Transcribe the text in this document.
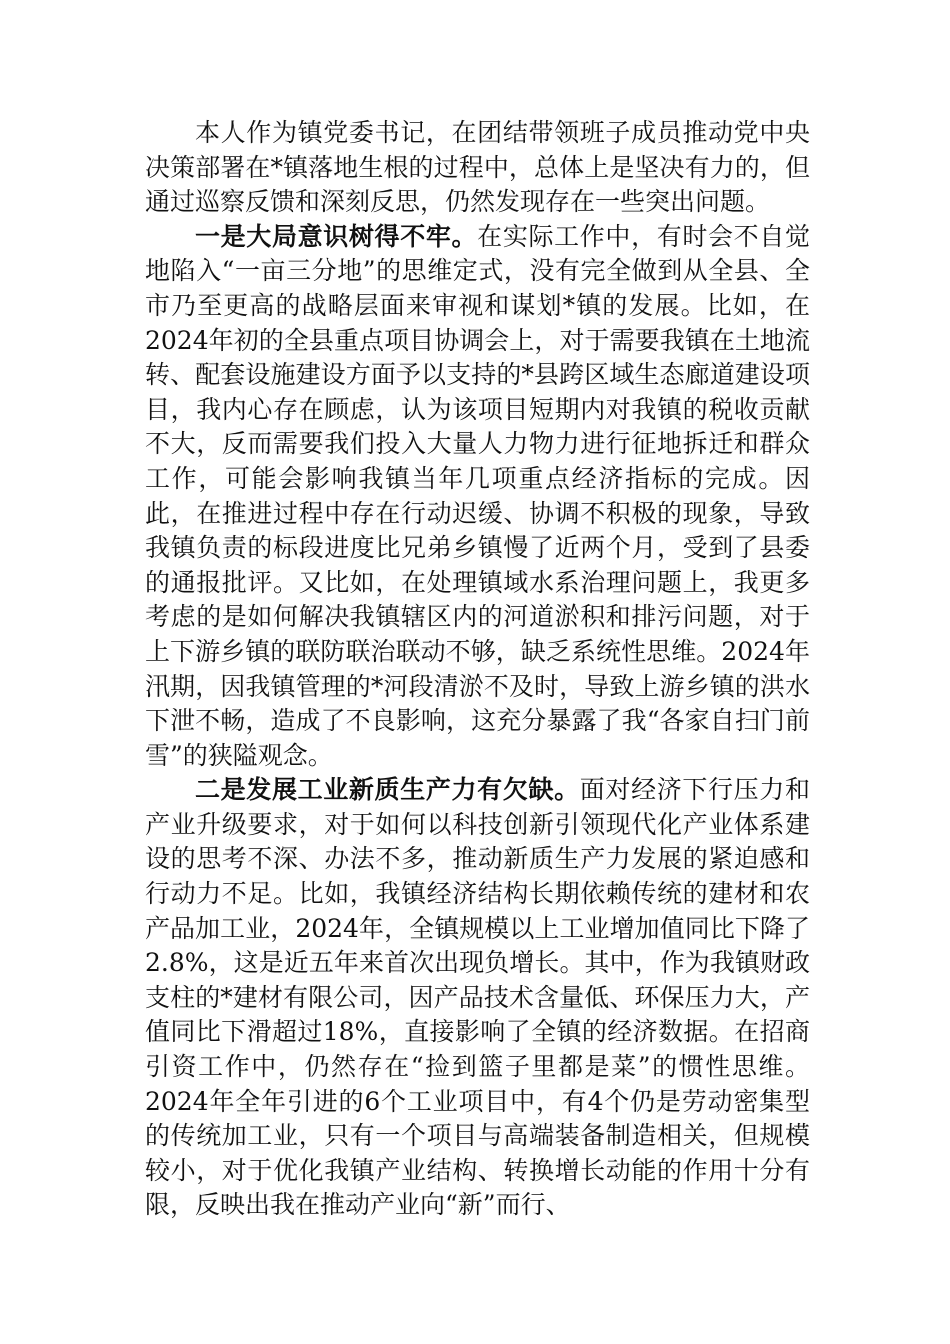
本人作为镇党委书记，在团结带领班子成员推动党中央决策部署在*镇落地生根的过程中，总体上是坚决有力的，但通过巡察反馈和深刻反思，仍然发现存在一些突出问题。

一是大局意识树得不牢。在实际工作中，有时会不自觉地陷入“一亩三分地”的思维定式，没有完全做到从全县、全市乃至更高的战略层面来审视和谋划*镇的发展。比如，在2024年初的全县重点项目协调会上，对于需要我镇在土地流转、配套设施建设方面予以支持的*县跨区域生态廊道建设项目，我内心存在顾虑，认为该项目短期内对我镇的税收贡献不大，反而需要我们投入大量人力物力进行征地拆迁和群众工作，可能会影响我镇当年几项重点经济指标的完成。因此，在推进过程中存在行动迟缓、协调不积极的现象，导致我镇负责的标段进度比兄弟乡镇慢了近两个月，受到了县委的通报批评。又比如，在处理镇域水系治理问题上，我更多考虑的是如何解决我镇辖区内的河道淤积和排污问题，对于上下游乡镇的联防联治联动不够，缺乏系统性思维。2024年汛期，因我镇管理的*河段清淤不及时，导致上游乡镇的洪水下泄不畅，造成了不良影响，这充分暴露了我“各家自扫门前雪”的狭隘观念。

二是发展工业新质生产力有欠缺。面对经济下行压力和产业升级要求，对于如何以科技创新引领现代化产业体系建设的思考不深、办法不多，推动新质生产力发展的紧迫感和行动力不足。比如，我镇经济结构长期依赖传统的建材和农产品加工业，2024年，全镇规模以上工业增加值同比下降了2.8%，这是近五年来首次出现负增长。其中，作为我镇财政支柱的*建材有限公司，因产品技术含量低、环保压力大，产值同比下滑超过18%，直接影响了全镇的经济数据。在招商引资工作中，仍然存在“捡到篮子里都是菜”的惯性思维。2024年全年引进的6个工业项目中，有4个仍是劳动密集型的传统加工业，只有一个项目与高端装备制造相关，但规模较小，对于优化我镇产业结构、转换增长动能的作用十分有限，反映出我在推动产业向“新”而行、
